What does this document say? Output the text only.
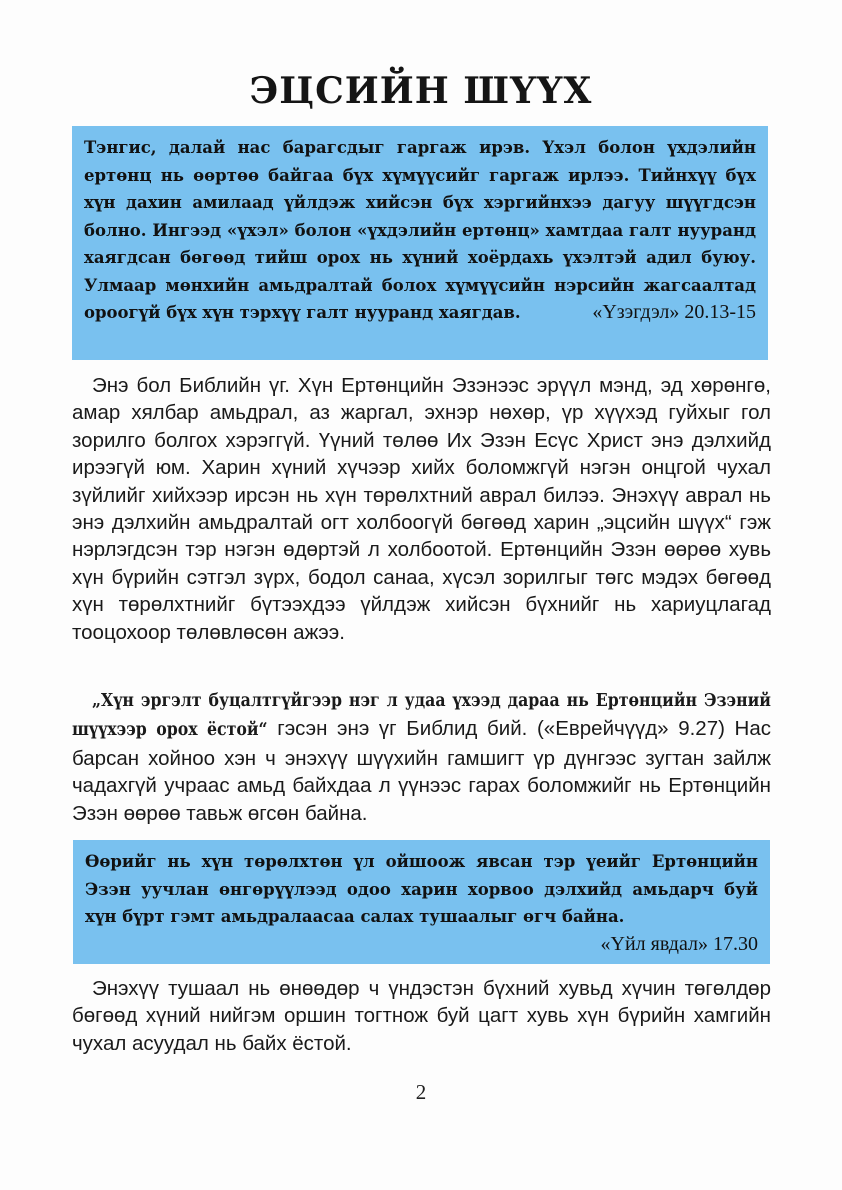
ЭЦСИЙН ШҮҮХ

Тэнгис, далай нас барагсдыг гаргаж ирэв. Үхэл болон үхдэлийн ертөнц нь өөртөө байгаа бүх хүмүүсийг гаргаж ирлээ. Тийнхүү бүх хүн дахин амилаад үйлдэж хийсэн бүх хэргийнхээ дагуу шүүгдсэн болно. Ингээд «үхэл» болон «үхдэлийн ертөнц» хамтдаа галт нууранд хаягдсан бөгөөд тийш орох нь хүний хоёрдахь үхэлтэй адил буюу. Улмаар мөнхийн амьдралтай болох хүмүүсийн нэрсийн жагсаалтад ороогүй бүх хүн тэрхүү галт нууранд хаягдав.	«Үзэгдэл» 20.13-15

Энэ бол Библийн үг. Хүн Ертөнцийн Эзэнээс эрүүл мэнд, эд хөрөнгө, амар хялбар амьдрал, аз жаргал, эхнэр нөхөр, үр хүүхэд гуйхыг гол зорилго болгох хэрэггүй. Үүний төлөө Их Эзэн Есүс Христ энэ дэлхийд ирээгүй юм. Харин хүний хүчээр хийх боломжгүй нэгэн онцгой чухал зүйлийг хийхээр ирсэн нь хүн төрөлхтний аврал билээ. Энэхүү аврал нь энэ дэлхийн амьдралтай огт холбоогүй бөгөөд харин „эцсийн шүүх“ гэж нэрлэгдсэн тэр нэгэн өдөртэй л холбоотой. Ертөнцийн Эзэн өөрөө хувь хүн бүрийн сэтгэл зүрх, бодол санаа, хүсэл зорилгыг төгс мэдэх бөгөөд хүн төрөлхтнийг бүтээхдээ үйлдэж хийсэн бүхнийг нь хариуцлагад тооцохоор төлөвлөсөн ажээ.

„Хүн эргэлт буцалтгүйгээр нэг л удаа үхээд дараа нь Ертөнцийн Эзэний шүүхээр орох ёстой“ гэсэн энэ үг Библид бий. («Еврейчүүд» 9.27) Нас барсан хойноо хэн ч энэхүү шүүхийн гамшигт үр дүнгээс зугтан зайлж чадахгүй учраас амьд байхдаа л үүнээс гарах боломжийг нь Ертөнцийн Эзэн өөрөө тавьж өгсөн байна.

Өөрийг нь хүн төрөлхтөн үл ойшоож явсан тэр үеийг Ертөнцийн Эзэн уучлан өнгөрүүлээд одоо харин хорвоо дэлхийд амьдарч буй хүн бүрт гэмт амьдралаасаа салах тушаалыг өгч байна.
«Үйл явдал» 17.30

Энэхүү тушаал нь өнөөдөр ч үндэстэн бүхний хувьд хүчин төгөлдөр бөгөөд хүний нийгэм оршин тогтнож буй цагт хувь хүн бүрийн хамгийн чухал асуудал нь байх ёстой.

2
